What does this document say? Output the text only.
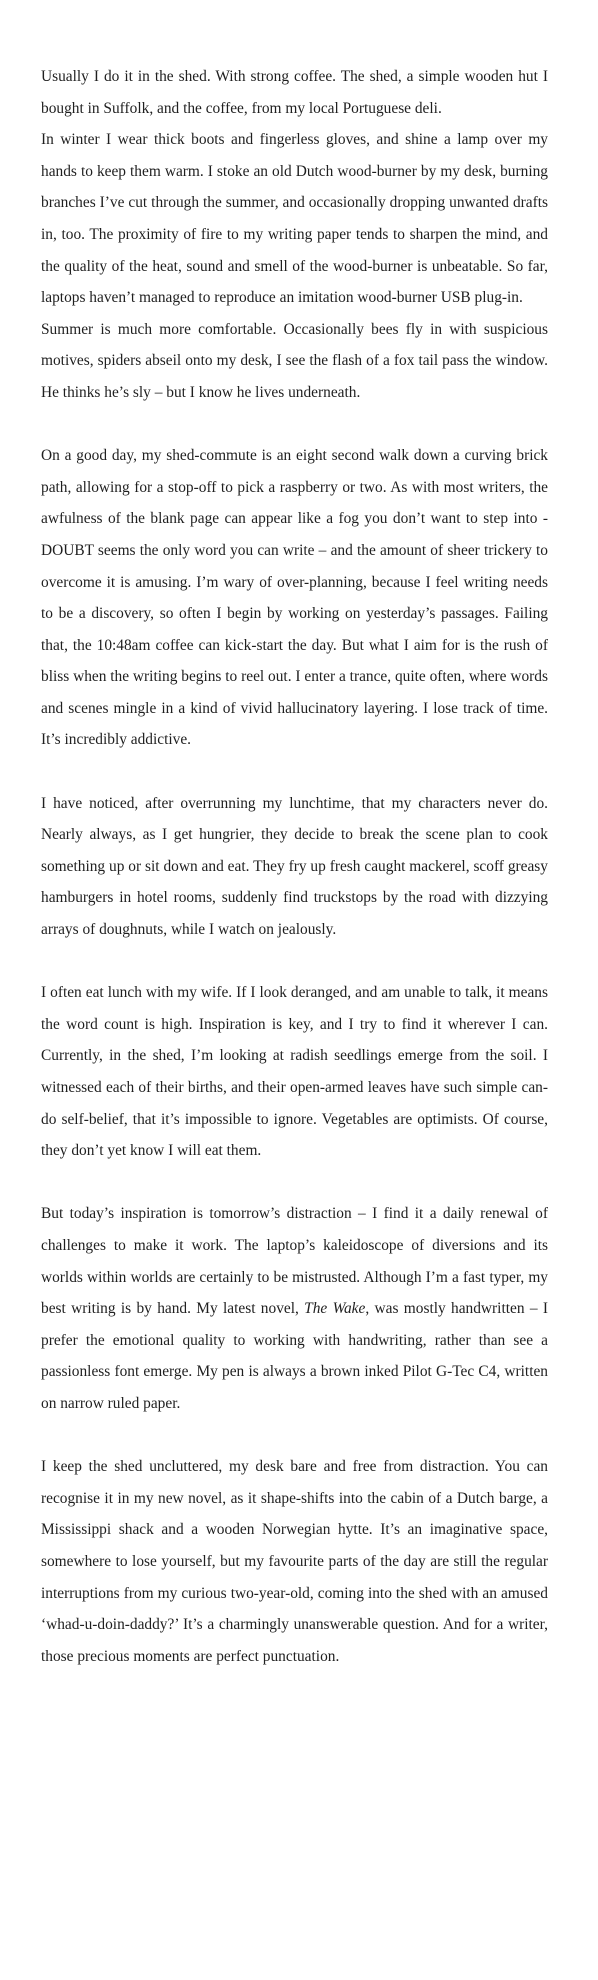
Usually I do it in the shed. With strong coffee. The shed, a simple wooden hut I bought in Suffolk, and the coffee, from my local Portuguese deli.

In winter I wear thick boots and fingerless gloves, and shine a lamp over my hands to keep them warm. I stoke an old Dutch wood-burner by my desk, burning branches I’ve cut through the summer, and occasionally dropping unwanted drafts in, too. The proximity of fire to my writing paper tends to sharpen the mind, and the quality of the heat, sound and smell of the wood-burner is unbeatable. So far, laptops haven’t managed to reproduce an imitation wood-burner USB plug-in.

Summer is much more comfortable. Occasionally bees fly in with suspicious motives, spiders abseil onto my desk, I see the flash of a fox tail pass the window. He thinks he’s sly – but I know he lives underneath.

On a good day, my shed-commute is an eight second walk down a curving brick path, allowing for a stop-off to pick a raspberry or two. As with most writers, the awfulness of the blank page can appear like a fog you don’t want to step into - DOUBT seems the only word you can write – and the amount of sheer trickery to overcome it is amusing. I’m wary of over-planning, because I feel writing needs to be a discovery, so often I begin by working on yesterday’s passages. Failing that, the 10:48am coffee can kick-start the day. But what I aim for is the rush of bliss when the writing begins to reel out. I enter a trance, quite often, where words and scenes mingle in a kind of vivid hallucinatory layering. I lose track of time. It’s incredibly addictive.

I have noticed, after overrunning my lunchtime, that my characters never do. Nearly always, as I get hungrier, they decide to break the scene plan to cook something up or sit down and eat. They fry up fresh caught mackerel, scoff greasy hamburgers in hotel rooms, suddenly find truckstops by the road with dizzying arrays of doughnuts, while I watch on jealously.

I often eat lunch with my wife. If I look deranged, and am unable to talk, it means the word count is high. Inspiration is key, and I try to find it wherever I can. Currently, in the shed, I’m looking at radish seedlings emerge from the soil. I witnessed each of their births, and their open-armed leaves have such simple can-do self-belief, that it’s impossible to ignore. Vegetables are optimists. Of course, they don’t yet know I will eat them.

But today’s inspiration is tomorrow’s distraction – I find it a daily renewal of challenges to make it work. The laptop’s kaleidoscope of diversions and its worlds within worlds are certainly to be mistrusted. Although I’m a fast typer, my best writing is by hand. My latest novel, The Wake, was mostly handwritten – I prefer the emotional quality to working with handwriting, rather than see a passionless font emerge. My pen is always a brown inked Pilot G-Tec C4, written on narrow ruled paper.

I keep the shed uncluttered, my desk bare and free from distraction. You can recognise it in my new novel, as it shape-shifts into the cabin of a Dutch barge, a Mississippi shack and a wooden Norwegian hytte. It’s an imaginative space, somewhere to lose yourself, but my favourite parts of the day are still the regular interruptions from my curious two-year-old, coming into the shed with an amused ‘whad-u-doin-daddy?’ It’s a charmingly unanswerable question. And for a writer, those precious moments are perfect punctuation.
